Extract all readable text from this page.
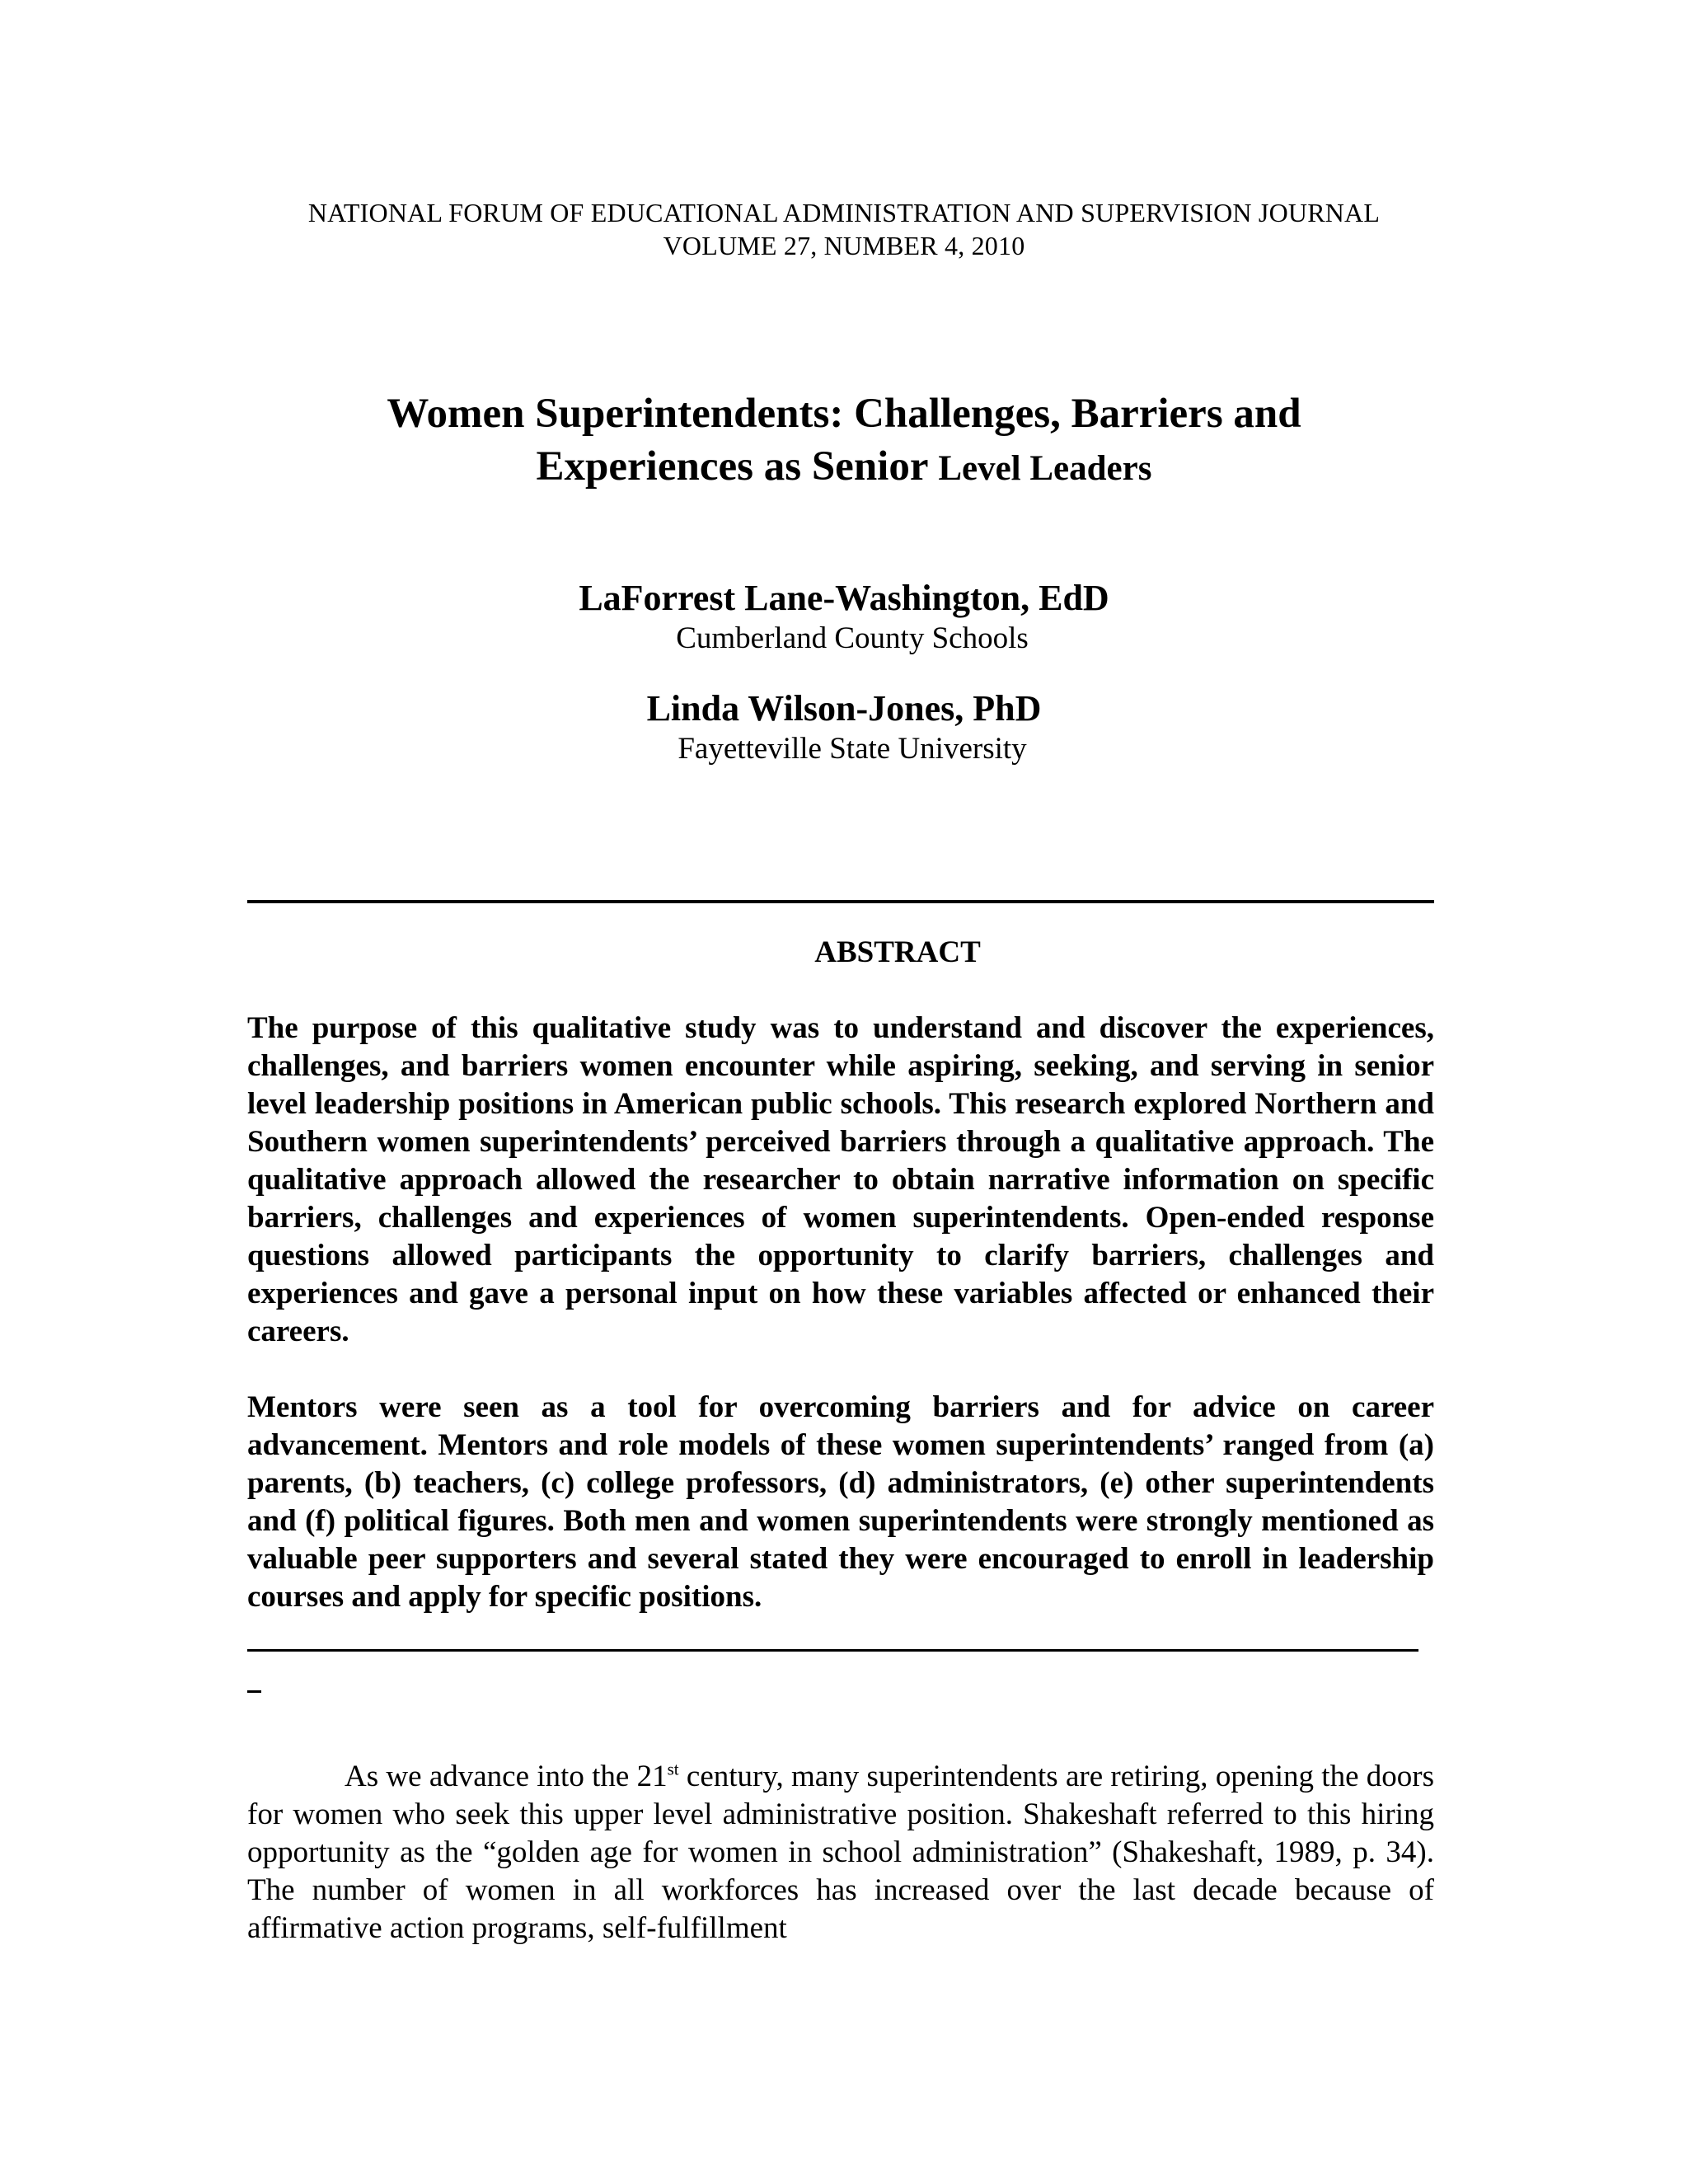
NATIONAL FORUM OF EDUCATIONAL ADMINISTRATION AND SUPERVISION JOURNAL
VOLUME 27, NUMBER 4, 2010
Women Superintendents: Challenges, Barriers and
Experiences as Senior Level Leaders
LaForrest Lane-Washington, EdD
Cumberland County Schools
Linda Wilson-Jones, PhD
Fayetteville State University
ABSTRACT

The purpose of this qualitative study was to understand and discover the experiences, challenges, and barriers women encounter while aspiring, seeking, and serving in senior level leadership positions in American public schools. This research explored Northern and Southern women superintendents’ perceived barriers through a qualitative approach. The qualitative approach allowed the researcher to obtain narrative information on specific barriers, challenges and experiences of women superintendents. Open-ended response questions allowed participants the opportunity to clarify barriers, challenges and experiences and gave a personal input on how these variables affected or enhanced their careers.

Mentors were seen as a tool for overcoming barriers and for advice on career advancement. Mentors and role models of these women superintendents’ ranged from (a) parents, (b) teachers, (c) college professors, (d) administrators, (e) other superintendents and (f) political figures. Both men and women superintendents were strongly mentioned as valuable peer supporters and several stated they were encouraged to enroll in leadership courses and apply for specific positions.

As we advance into the 21st century, many superintendents are retiring, opening the doors for women who seek this upper level administrative position. Shakeshaft referred to this hiring opportunity as the “golden age for women in school administration” (Shakeshaft, 1989, p. 34). The number of women in all workforces has increased over the last decade because of affirmative action programs, self-fulfillment
